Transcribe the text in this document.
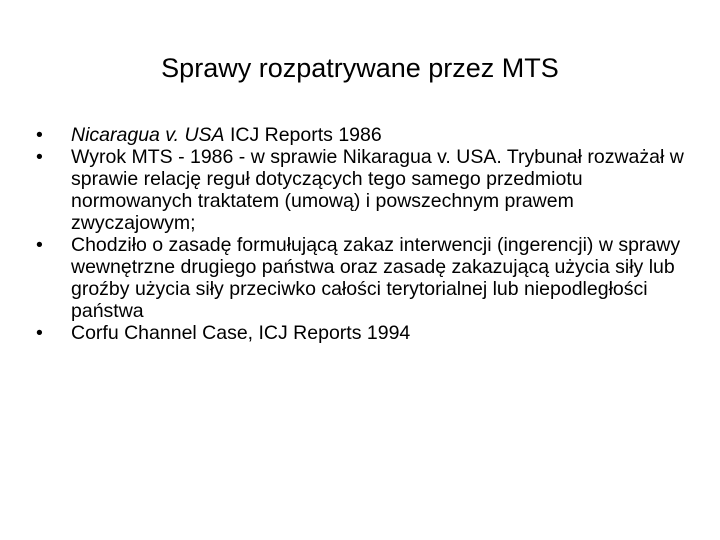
Sprawy rozpatrywane przez MTS
•	Nicaragua v. USA ICJ Reports 1986
•	Wyrok MTS - 1986 - w sprawie Nikaragua v. USA. Trybunał rozważał w sprawie relację reguł dotyczących tego samego przedmiotu normowanych traktatem (umową) i powszechnym prawem zwyczajowym;
•	Chodziło o zasadę formułującą zakaz interwencji (ingerencji) w sprawy wewnętrzne drugiego państwa oraz zasadę zakazującą użycia siły lub groźby użycia siły przeciwko całości terytorialnej lub niepodległości państwa
•	Corfu Channel Case, ICJ Reports 1994
